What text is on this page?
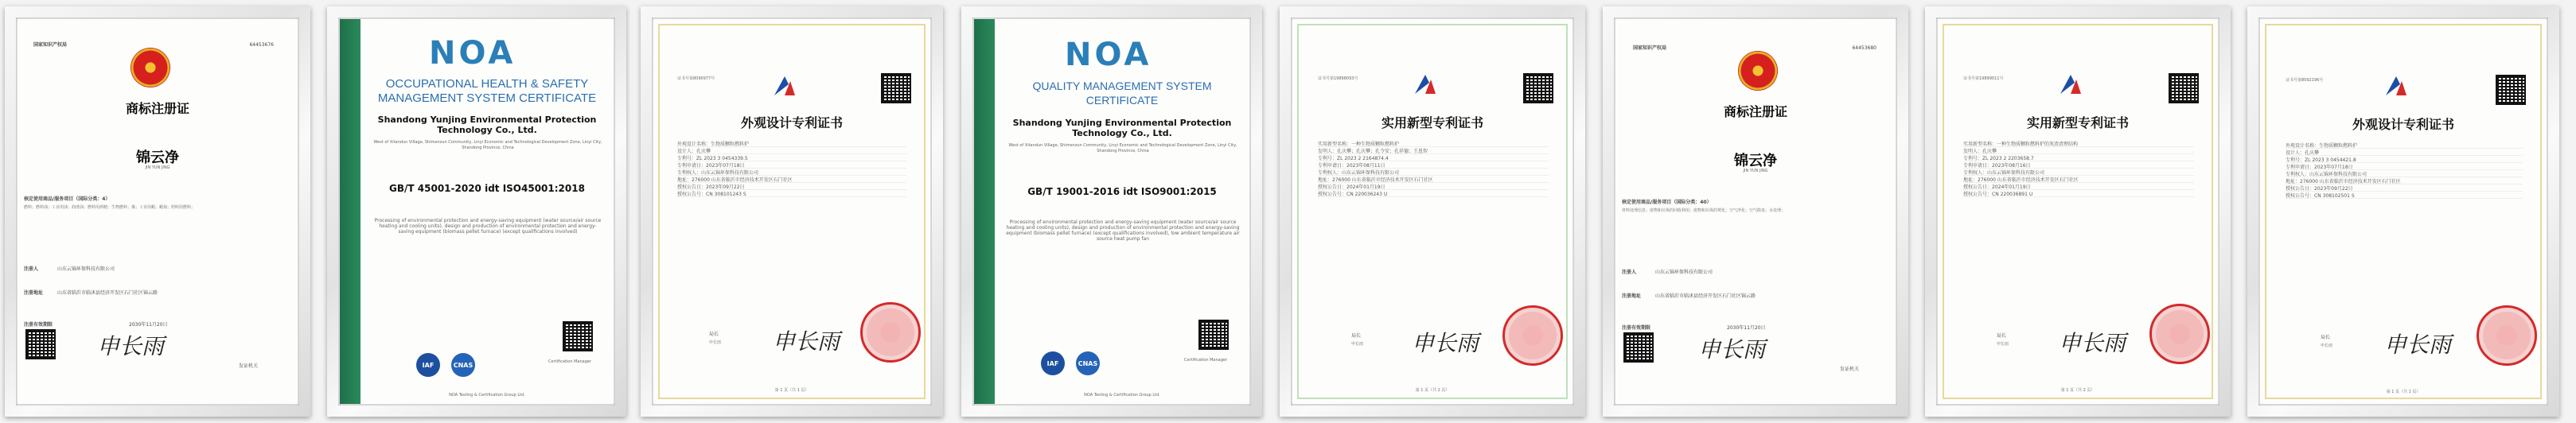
国家知识产权局	64453676
商标注册证
锦云净
JIN YUN JING
核定使用商品/服务项目（国际分类：4）
燃料；燃料油；工业用油；润滑油；燃料用酒精；生物燃料；煤；工业用蜡；蜡烛；照明用燃料；
注册人	山东云锦环保科技有限公司
注册地址	山东省临沂市临沭县经济开发区石门社区锦云路
注册有效期限	2030年11月20日
申长雨
发证机关
NOA
OCCUPATIONAL HEALTH & SAFETY
MANAGEMENT SYSTEM CERTIFICATE
Shandong Yunjing Environmental Protection Technology Co., Ltd.
West of Xitandun Village, Shimenzun Community, Linyi Economic and Technological Development Zone, Linyi City, Shandong Province, China
GB/T 45001-2020 idt ISO45001:2018
Processing of environmental protection and energy-saving equipment (water source/air source heating and cooling units), design and production of environmental protection and energy-saving equipment (biomass pellet furnace) (except qualifications involved)
IAF	CNAS	Certification Manager
NOA Testing & Certification Group Ltd.
证书号第8090977号
外观设计专利证书
外观设计名称：生物质颗粒燃料炉
设计人：孔庆攀
专利号：ZL 2023 3 0454339.5
专利申请日：2023年07月18日
专利权人：山东云锦环保科技有限公司
地址：276000 山东省临沂市经济技术开发区石门社区
授权公告日：2023年09月22日
授权公告号：CN 308101243 S
局长
申长雨 申长雨
第 1 页（共 1 页）
NOA
QUALITY MANAGEMENT SYSTEM
CERTIFICATE
Shandong Yunjing Environmental Protection Technology Co., Ltd.
West of Xitandun Village, Shimenzun Community, Linyi Economic and Technological Development Zone, Linyi City, Shandong Province, China
GB/T 19001-2016 idt ISO9001:2015
Processing of environmental protection and energy-saving equipment (water source/air source heating and cooling units), design and production of environmental protection and energy-saving equipment (biomass pellet furnace) (except qualifications involved), low ambient temperature air source heat pump fan
IAF	CNAS	Certification Manager
NOA Testing & Certification Group Ltd.
证书号第19898093号
实用新型专利证书
实用新型名称：一种生物质颗粒燃料炉
发明人：孔庆攀；孔庆攀；孔令安；孔祥德；王恩智
专利号：ZL 2023 2 2164874.4
专利申请日：2023年08月11日
专利权人：山东云锦环保科技有限公司
地址：276000 山东省临沂市经济技术开发区石门社区
授权公告日：2024年01月19日
授权公告号：CN 220036243 U
局长
申长雨 申长雨
第 1 页（共 2 页）
国家知识产权局	64453680
商标注册证
锦云净
JIN YUN JING
核定使用商品/服务项目（国际分类：40）
材料处理信息；废物和垃圾的回收利用；废物和垃圾的焚化；空气净化；空气除臭；水处理；
注册人	山东云锦环保科技有限公司
注册地址	山东省临沂市临沭县经济开发区石门社区锦云路
注册有效期限	2030年11月20日
申长雨
发证机关
证书号第19899011号
实用新型专利证书
实用新型名称：一种生物质颗粒燃料炉的灰渣清理结构
发明人：孔庆攀
专利号：ZL 2023 2 2203658.7
专利申请日：2023年08月16日
专利权人：山东云锦环保科技有限公司
地址：276000 山东省临沂市经济技术开发区石门社区
授权公告日：2024年01月19日
授权公告号：CN 220036891 U
局长
申长雨 申长雨
第 1 页（共 2 页）
证书号第8092196号
外观设计专利证书
外观设计名称：生物质颗粒燃料炉
设计人：孔庆攀
专利号：ZL 2023 3 0454421.8
专利申请日：2023年07月18日
专利权人：山东云锦环保科技有限公司
地址：276000 山东省临沂市经济技术开发区石门社区
授权公告日：2023年09月22日
授权公告号：CN 308102501 S
局长
申长雨 申长雨
第 1 页（共 1 页）
